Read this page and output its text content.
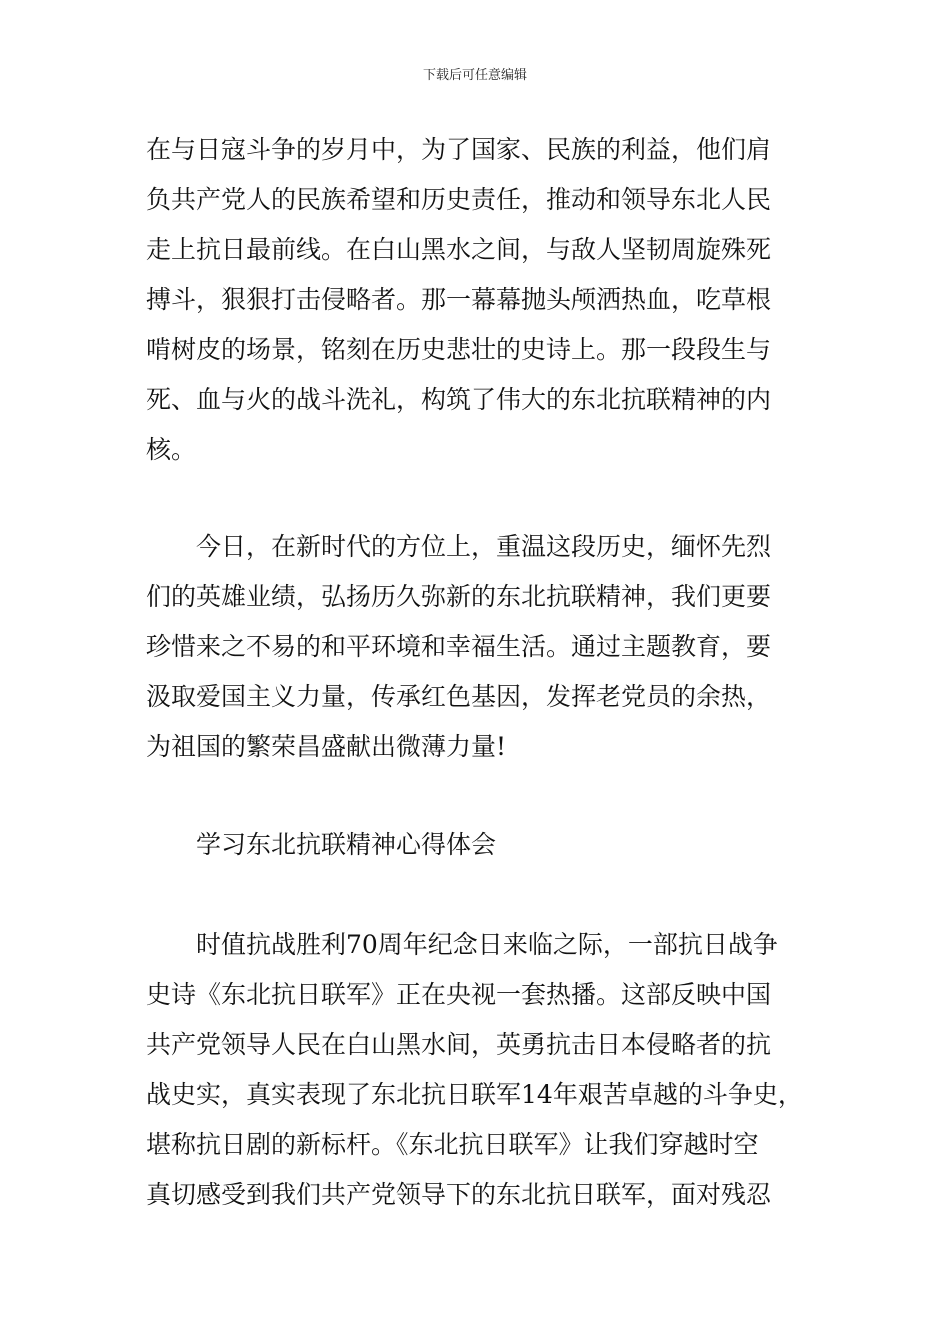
下载后可任意编辑
在与日寇斗争的岁月中，为了国家、民族的利益，他们肩
负共产党人的民族希望和历史责任，推动和领导东北人民
走上抗日最前线。在白山黑水之间，与敌人坚韧周旋殊死
搏斗，狠狠打击侵略者。那一幕幕抛头颅洒热血，吃草根
啃树皮的场景，铭刻在历史悲壮的史诗上。那一段段生与
死、血与火的战斗洗礼，构筑了伟大的东北抗联精神的内
核。
今日，在新时代的方位上，重温这段历史，缅怀先烈
们的英雄业绩，弘扬历久弥新的东北抗联精神，我们更要
珍惜来之不易的和平环境和幸福生活。通过主题教育，要
汲取爱国主义力量，传承红色基因，发挥老党员的余热，
为祖国的繁荣昌盛献出微薄力量!
学习东北抗联精神心得体会
时值抗战胜利70周年纪念日来临之际，一部抗日战争
史诗《东北抗日联军》正在央视一套热播。这部反映中国
共产党领导人民在白山黑水间，英勇抗击日本侵略者的抗
战史实，真实表现了东北抗日联军14年艰苦卓越的斗争史，
堪称抗日剧的新标杆。《东北抗日联军》让我们穿越时空
真切感受到我们共产党领导下的东北抗日联军，面对残忍
